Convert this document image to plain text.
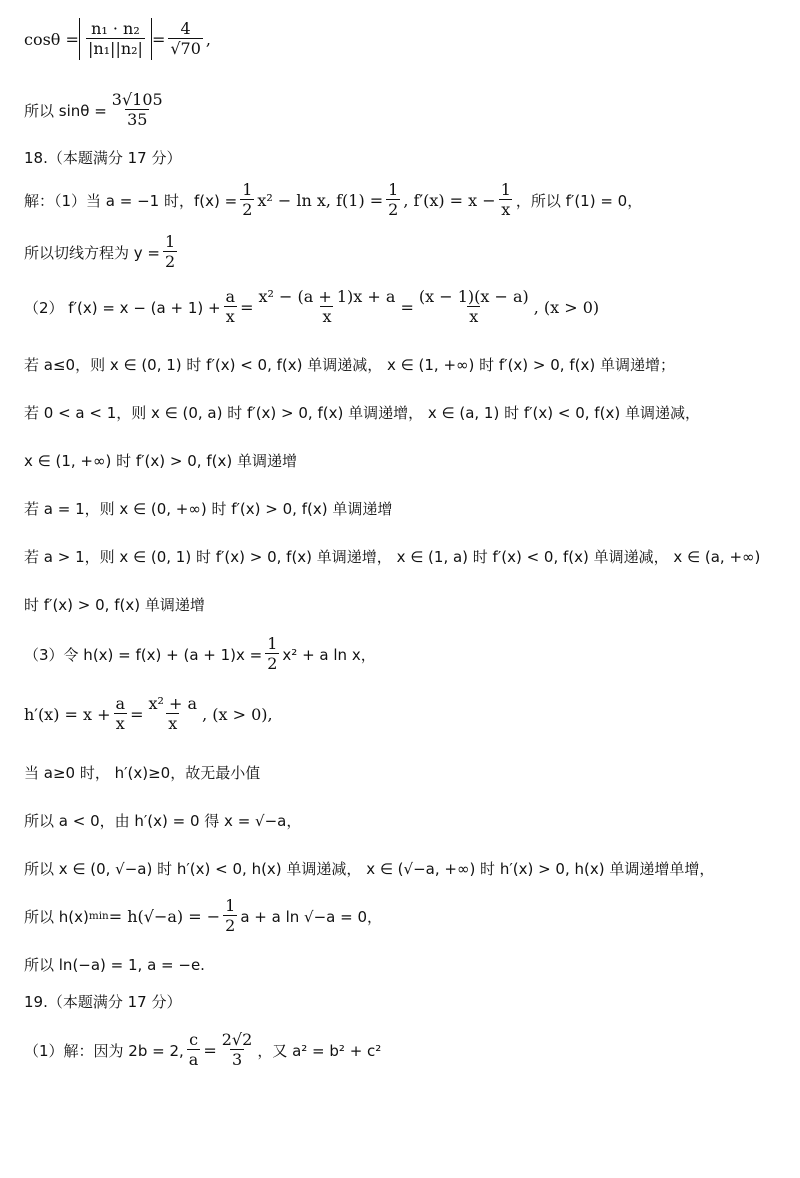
$\cos\theta = \frac{\text{n₁ · n₂}}{\text{|n₁||n₂|}} = \frac{4}{√70}$ ,
所以 $\sin\theta = \frac{3√105}{35}$
18.（本题满分 17 分）
解：（1）当 a = −1 时，$f(x) = \frac{1}{2} x^2 - \ln x$, $f(1) = \frac{1}{2}$ , $f'(x) = x - \frac{1}{x}$ ，所以 f′(1) = 0，
所以切线方程为 $y = \frac{1}{2}$
（2） $f'(x) = x - (a + 1) + \frac{a}{x} = \frac{\text{x² − (a + 1)x + a}}{x} = \frac{(x - 1)(x - a)}{x}$ , (x > 0)
若 a≤0，则 x ∈ (0, 1) 时 f′(x) < 0, f(x) 单调递减， x ∈ (1, +∞) 时 f′(x) > 0, f(x) 单调递增；
若 0 < a < 1，则 x ∈ (0, a) 时 f′(x) > 0, f(x) 单调递增， x ∈ (a, 1) 时 f′(x) < 0, f(x) 单调递减，
x ∈ (1, +∞) 时 f′(x) > 0, f(x) 单调递增
若 a = 1，则 x ∈ (0, +∞) 时 f′(x) > 0, f(x) 单调递增
若 a > 1，则 x ∈ (0, 1) 时 f′(x) > 0, f(x) 单调递增， x ∈ (1, a) 时 f′(x) < 0, f(x) 单调递减， x ∈ (a, +∞)
时 f′(x) > 0, f(x) 单调递增
（3）令 $h(x) = f(x) + (a + 1)x = \frac{1}{2} x^2 + a$ ln x，
$h'(x) = x + \frac{a}{x} = \frac{\text{x² + a}}{x}$ , (x > 0),
当 a≥0 时， h′(x)≥0，故无最小值
所以 a < 0，由 h′(x) = 0 得 x = √−a，
所以 x ∈ (0, √−a) 时 h′(x) < 0, h(x) 单调递减， x ∈ (√−a, +∞) 时 h′(x) > 0, h(x) 单调递增单增，
所以 h(x) min = h(√−a) = − $\frac{1}{2}$ a + a ln √−a = 0，
所以 ln(−a) = 1, a = −e.
19.（本题满分 17 分）
（1）解：因为 2b = 2, $\frac{c}{a} = \frac{2√2}{3}$ ，又 a² = b² + c²
